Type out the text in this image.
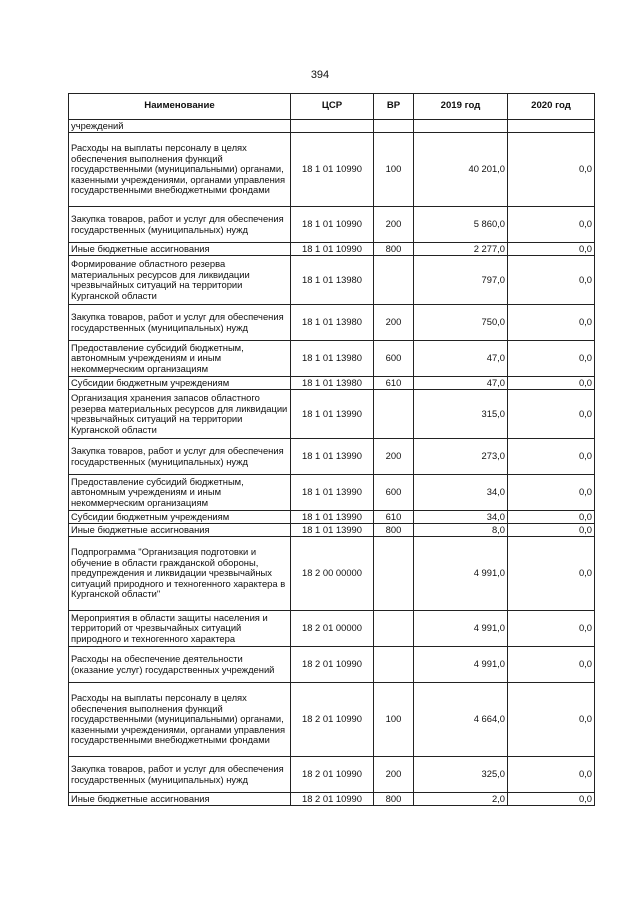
394
Наименование	ЦСР	ВР	2019 год	2020 год
учреждений				
Расходы на выплаты персоналу в целях обеспечения выполнения функций государственными (муниципальными) органами, казенными учреждениями, органами управления государственными внебюджетными фондами	18 1 01 10990	100	40 201,0	0,0
Закупка товаров, работ и услуг для обеспечения государственных (муниципальных) нужд	18 1 01 10990	200	5 860,0	0,0
Иные бюджетные ассигнования	18 1 01 10990	800	2 277,0	0,0
Формирование областного резерва материальных ресурсов для ликвидации чрезвычайных ситуаций на территории Курганской области	18 1 01 13980		797,0	0,0
Закупка товаров, работ и услуг для обеспечения государственных (муниципальных) нужд	18 1 01 13980	200	750,0	0,0
Предоставление субсидий бюджетным, автономным учреждениям и иным некоммерческим организациям	18 1 01 13980	600	47,0	0,0
Субсидии бюджетным учреждениям	18 1 01 13980	610	47,0	0,0
Организация хранения запасов областного резерва материальных ресурсов для ликвидации чрезвычайных ситуаций на территории Курганской области	18 1 01 13990		315,0	0,0
Закупка товаров, работ и услуг для обеспечения государственных (муниципальных) нужд	18 1 01 13990	200	273,0	0,0
Предоставление субсидий бюджетным, автономным учреждениям и иным некоммерческим организациям	18 1 01 13990	600	34,0	0,0
Субсидии бюджетным учреждениям	18 1 01 13990	610	34,0	0,0
Иные бюджетные ассигнования	18 1 01 13990	800	8,0	0,0
Подпрограмма "Организация подготовки и обучение в области гражданской обороны, предупреждения и ликвидации чрезвычайных ситуаций природного и техногенного характера в Курганской области"	18 2 00 00000		4 991,0	0,0
Мероприятия в области защиты населения и территорий от чрезвычайных ситуаций природного и техногенного характера	18 2 01 00000		4 991,0	0,0
Расходы на обеспечение деятельности (оказание услуг) государственных учреждений	18 2 01 10990		4 991,0	0,0
Расходы на выплаты персоналу в целях обеспечения выполнения функций государственными (муниципальными) органами, казенными учреждениями, органами управления государственными внебюджетными фондами	18 2 01 10990	100	4 664,0	0,0
Закупка товаров, работ и услуг для обеспечения государственных (муниципальных) нужд	18 2 01 10990	200	325,0	0,0
Иные бюджетные ассигнования	18 2 01 10990	800	2,0	0,0
